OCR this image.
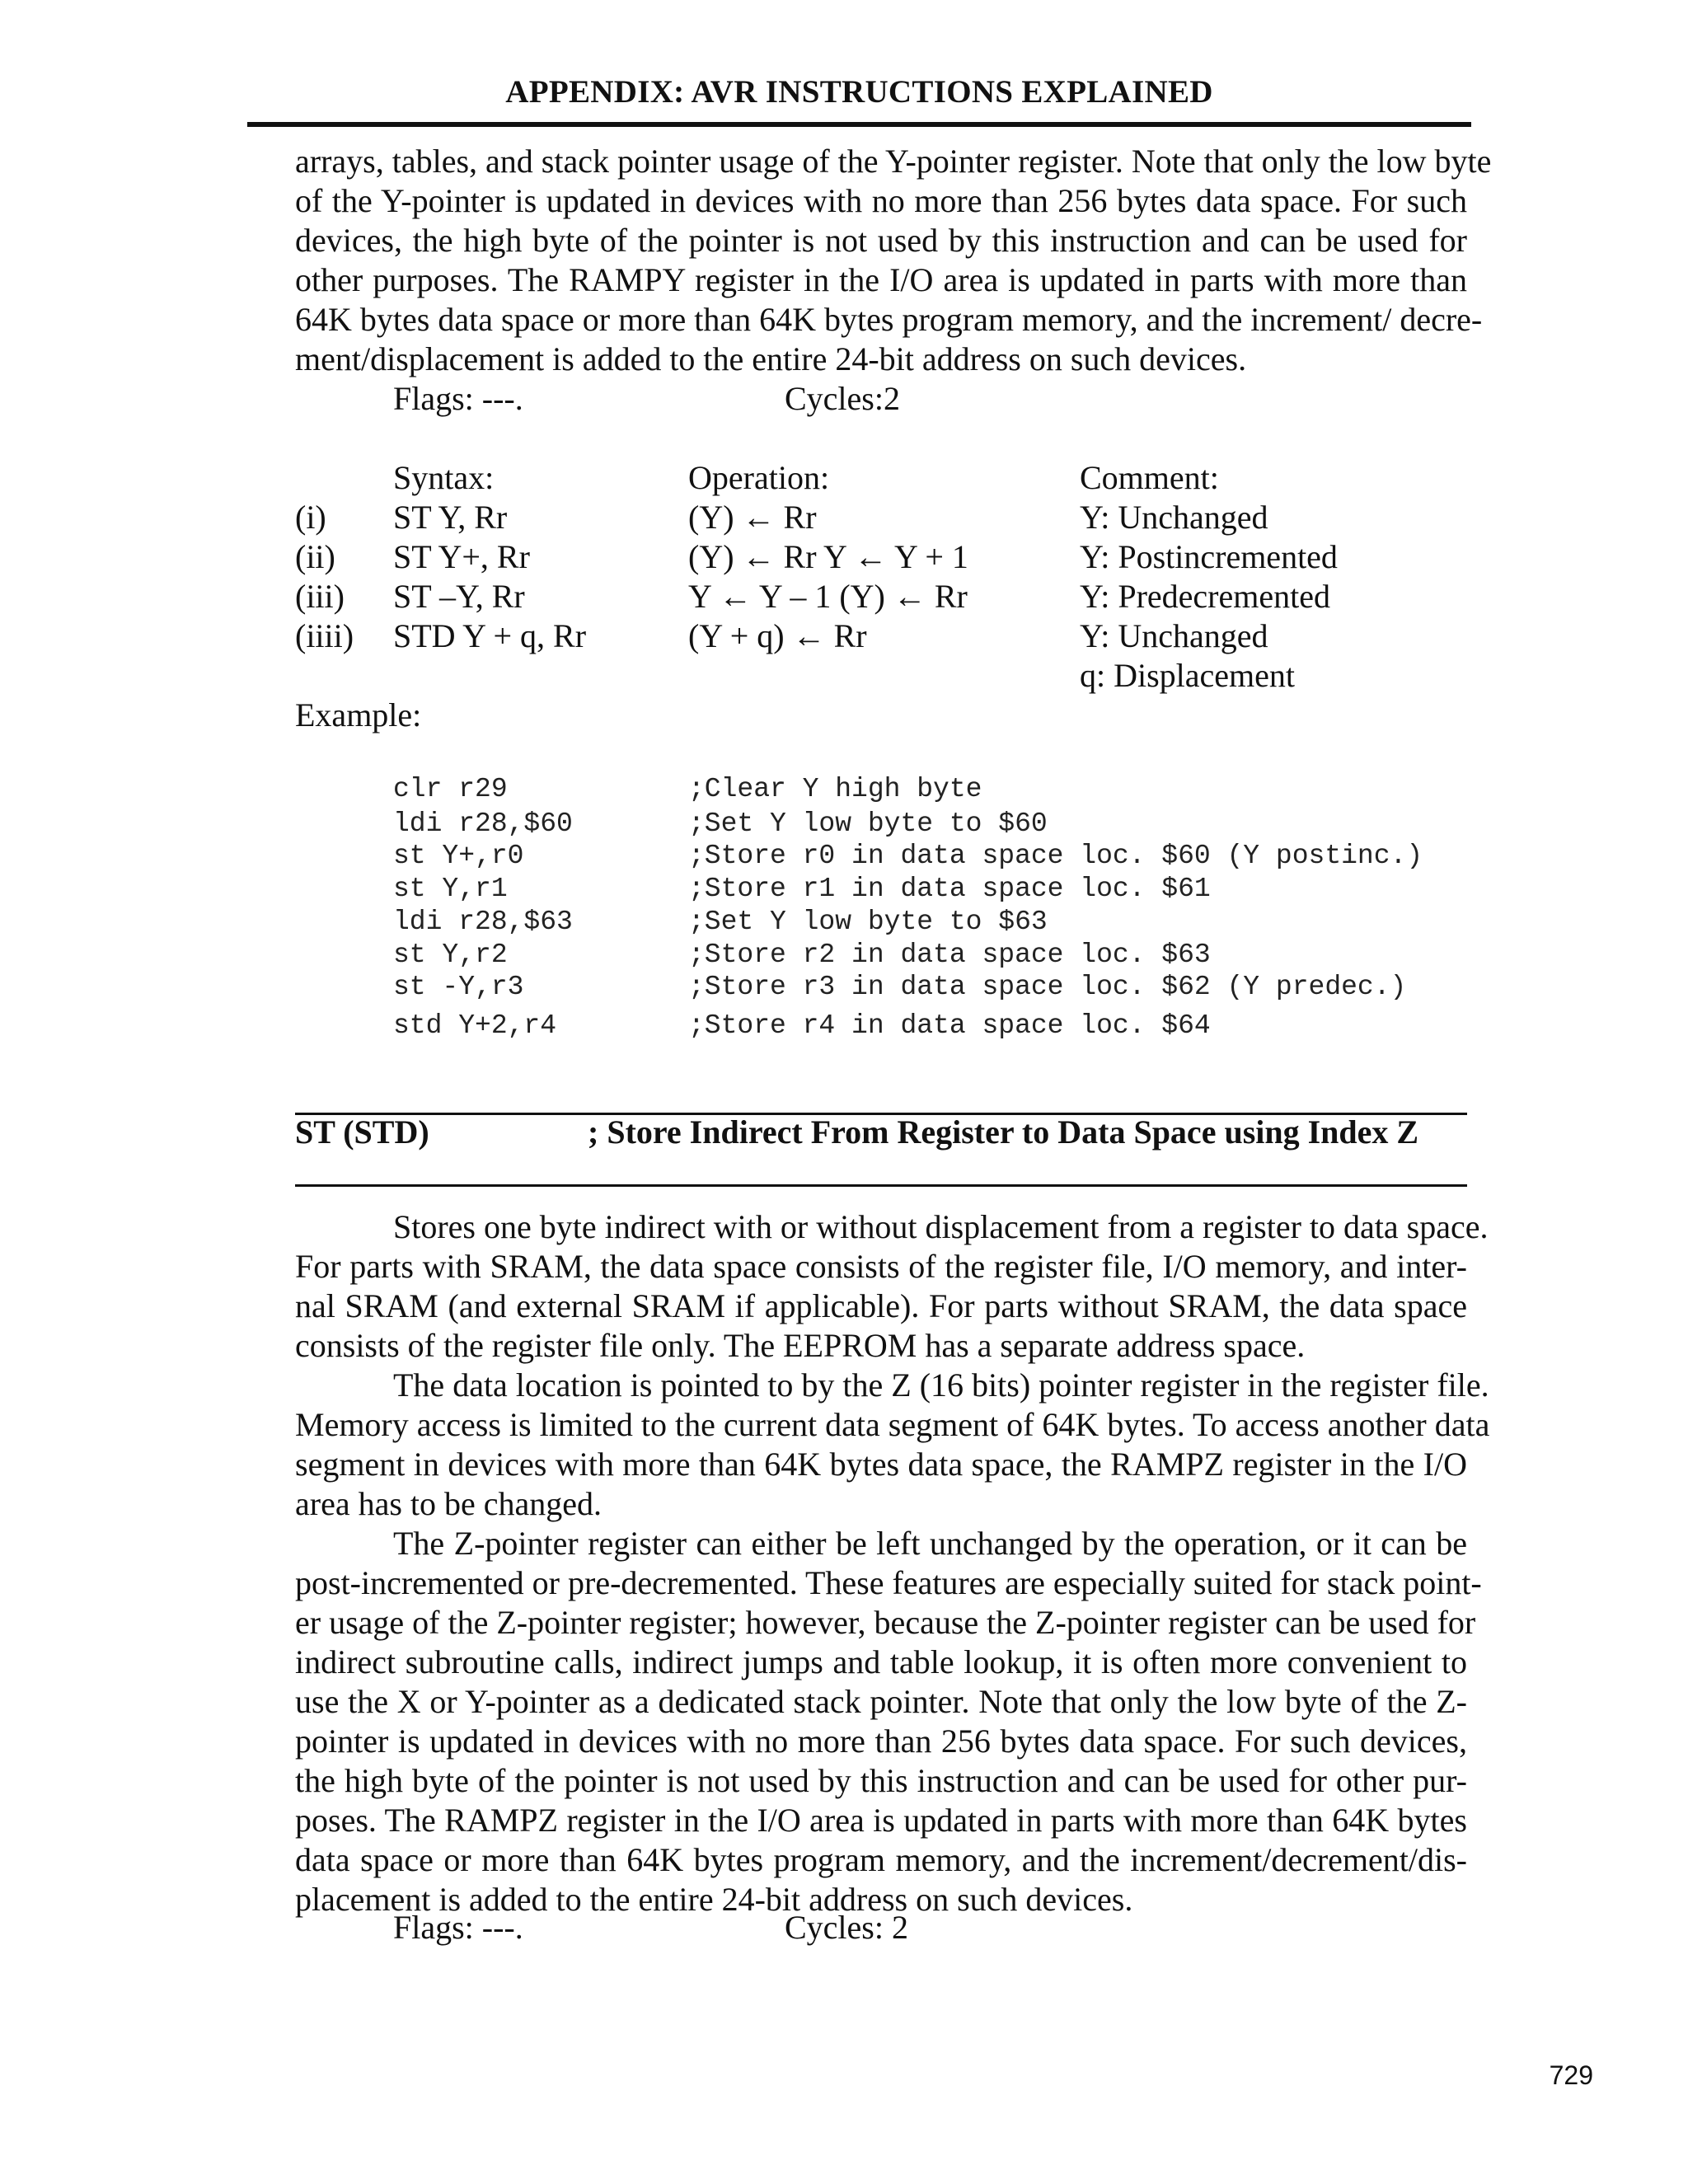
APPENDIX: AVR INSTRUCTIONS EXPLAINED
arrays, tables, and stack pointer usage of the Y-pointer register. Note that only the low byte
of the Y-pointer is updated in devices with no more than 256 bytes data space. For such
devices, the high byte of the pointer is not used by this instruction and can be used for
other purposes. The RAMPY register in the I/O area is updated in parts with more than
64K bytes data space or more than 64K bytes program memory, and the increment/ decre-
ment/displacement is added to the entire 24-bit address on such devices.
Flags: ---.	Cycles:2
Syntax:	Operation:	Comment:
(i) ST Y, Rr	(Y) ← Rr	Y: Unchanged
(ii) ST Y+, Rr	(Y) ← Rr Y ← Y + 1	Y: Postincremented
(iii) ST –Y, Rr	Y ← Y – 1 (Y) ← Rr	Y: Predecremented
(iiii) STD Y + q, Rr	(Y + q) ← Rr	Y: Unchanged
q: Displacement
Example:
clr r29	;Clear Y high byte
ldi r28,$60	;Set Y low byte to $60
st Y+,r0	;Store r0 in data space loc. $60 (Y postinc.)
st Y,r1	;Store r1 in data space loc. $61
ldi r28,$63	;Set Y low byte to $63
st Y,r2	;Store r2 in data space loc. $63
st -Y,r3	;Store r3 in data space loc. $62 (Y predec.)
std Y+2,r4	;Store r4 in data space loc. $64
ST (STD)	; Store Indirect From Register to Data Space using Index Z
Stores one byte indirect with or without displacement from a register to data space.
For parts with SRAM, the data space consists of the register file, I/O memory, and inter-
nal SRAM (and external SRAM if applicable). For parts without SRAM, the data space
consists of the register file only. The EEPROM has a separate address space.
The data location is pointed to by the Z (16 bits) pointer register in the register file.
Memory access is limited to the current data segment of 64K bytes. To access another data
segment in devices with more than 64K bytes data space, the RAMPZ register in the I/O
area has to be changed.
The Z-pointer register can either be left unchanged by the operation, or it can be
post-incremented or pre-decremented. These features are especially suited for stack point-
er usage of the Z-pointer register; however, because the Z-pointer register can be used for
indirect subroutine calls, indirect jumps and table lookup, it is often more convenient to
use the X or Y-pointer as a dedicated stack pointer. Note that only the low byte of the Z-
pointer is updated in devices with no more than 256 bytes data space. For such devices,
the high byte of the pointer is not used by this instruction and can be used for other pur-
poses. The RAMPZ register in the I/O area is updated in parts with more than 64K bytes
data space or more than 64K bytes program memory, and the increment/decrement/dis-
placement is added to the entire 24-bit address on such devices.
Flags: ---.	Cycles: 2
729
